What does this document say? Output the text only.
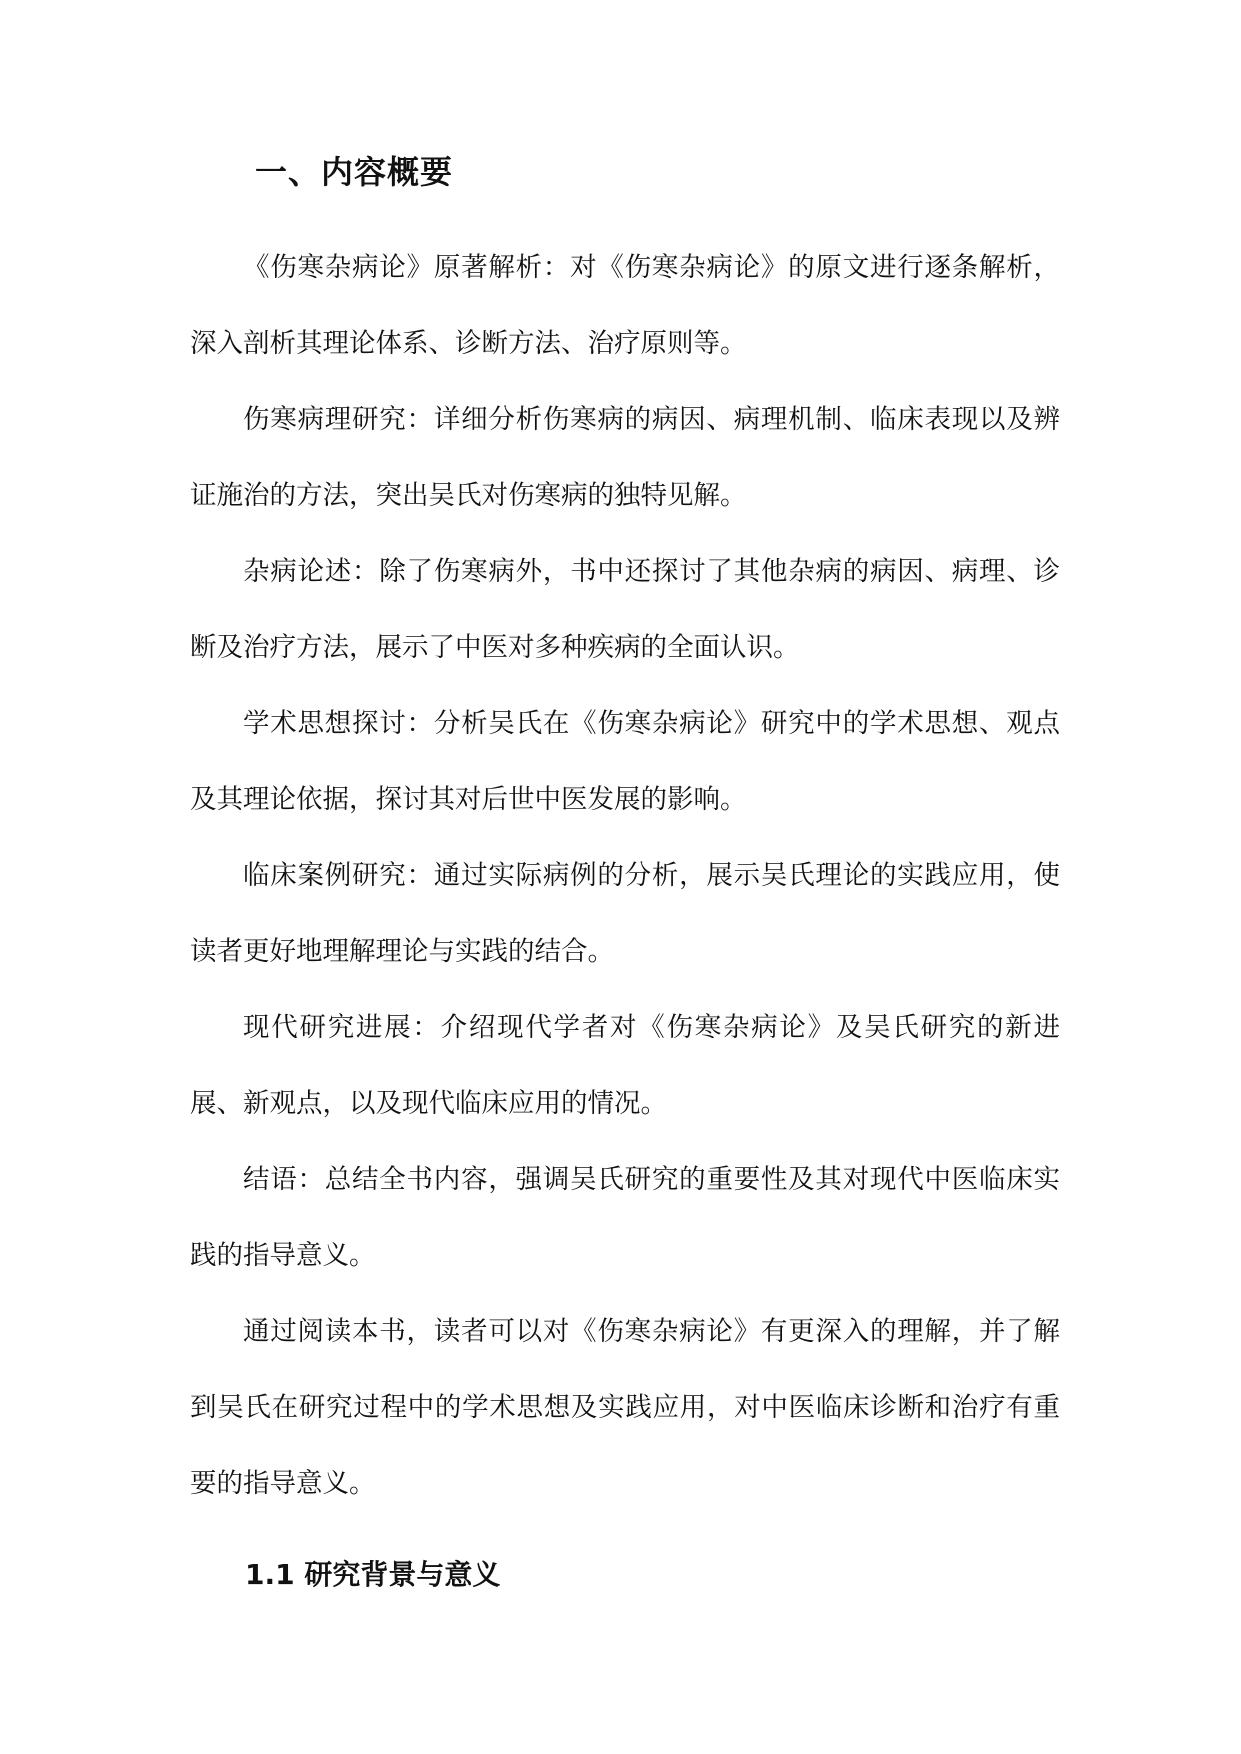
一、内容概要

《伤寒杂病论》原著解析：对《伤寒杂病论》的原文进行逐条解析，深入剖析其理论体系、诊断方法、治疗原则等。

伤寒病理研究：详细分析伤寒病的病因、病理机制、临床表现以及辨证施治的方法，突出吴氏对伤寒病的独特见解。

杂病论述：除了伤寒病外，书中还探讨了其他杂病的病因、病理、诊断及治疗方法，展示了中医对多种疾病的全面认识。

学术思想探讨：分析吴氏在《伤寒杂病论》研究中的学术思想、观点及其理论依据，探讨其对后世中医发展的影响。

临床案例研究：通过实际病例的分析，展示吴氏理论的实践应用，使读者更好地理解理论与实践的结合。

现代研究进展：介绍现代学者对《伤寒杂病论》及吴氏研究的新进展、新观点，以及现代临床应用的情况。

结语：总结全书内容，强调吴氏研究的重要性及其对现代中医临床实践的指导意义。

通过阅读本书，读者可以对《伤寒杂病论》有更深入的理解，并了解到吴氏在研究过程中的学术思想及实践应用，对中医临床诊断和治疗有重要的指导意义。

1.1 研究背景与意义
